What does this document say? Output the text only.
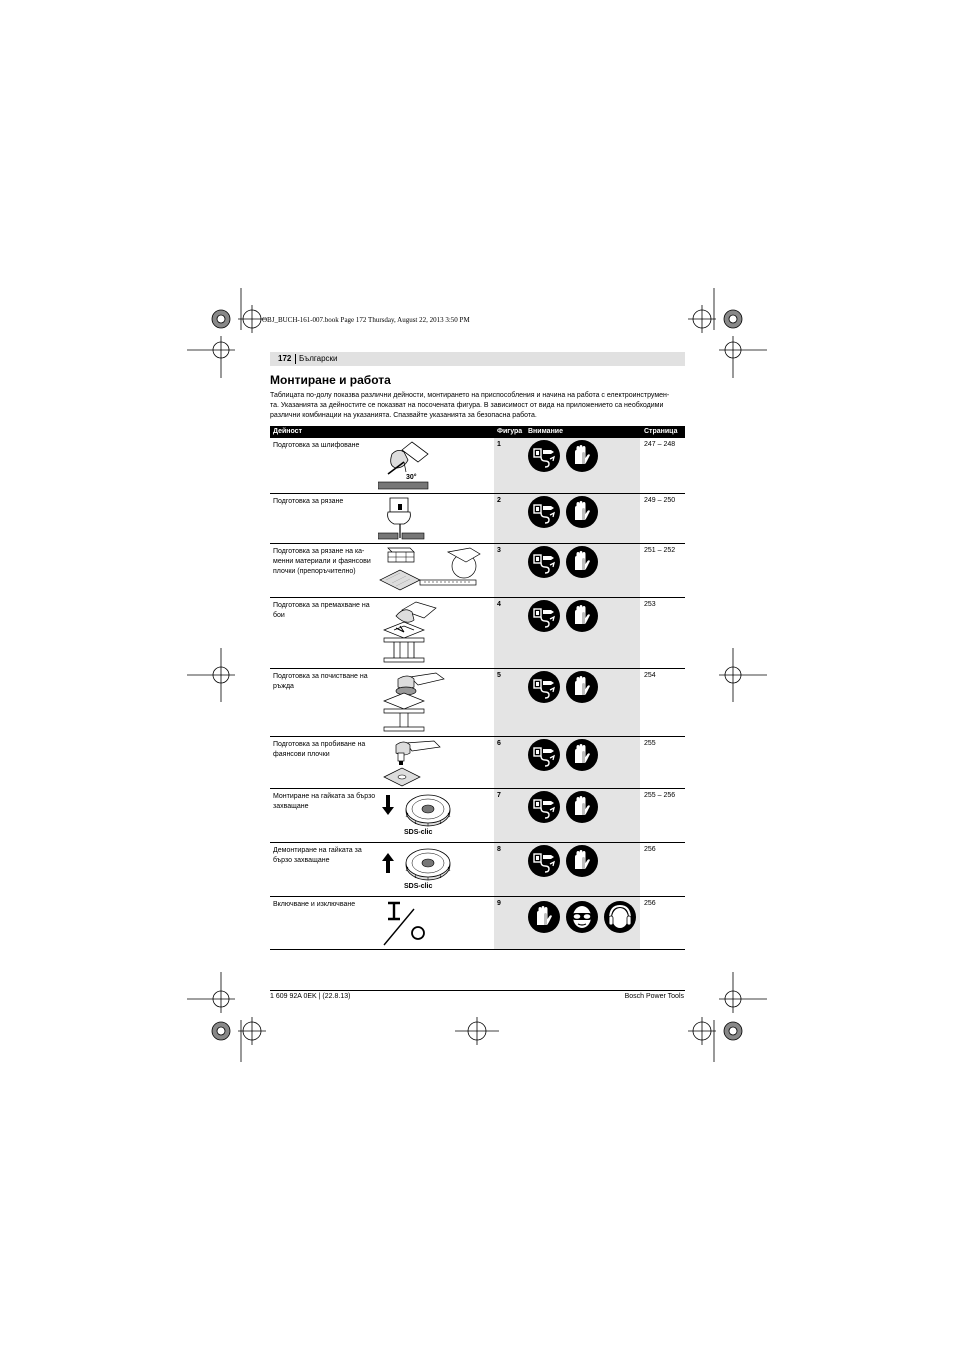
OBJ_BUCH-161-007.book Page 172 Thursday, August 22, 2013 3:50 PM
172 Български
Монтиране и работа
Таблицата по-долу показва различни дейности, монтирането на приспособления и начина на работа с електроинструмен-
та. Указанията за дейностите се показват на посочената фигура. В зависимост от вида на приложението са необходими
различни комбинации на указанията. Спазвайте указанията за безопасна работа.
Дейност	Фигура Внимание	Страница
Подготовка за шлифоване
30°
1	247 – 248
Подготовка за рязане	2	249 – 250
Подготовка за рязане на ка-
менни материали и фаянсови
плочки (препоръчително)
3	251 – 252
Подготовка за премахване на
бои
4	253
Подготовка за почистване на
ръжда
5	254
Подготовка за пробиване на
фаянсови плочки
6	255
Монтиране на гайката за бързо
захващане
SDS-clic
7	255 – 256
Демонтиране на гайката за
бързо захващане
SDS-clic
8	256
Включване и изключване	9	256
1 609 92A 0EK | (22.8.13)	Bosch Power Tools
